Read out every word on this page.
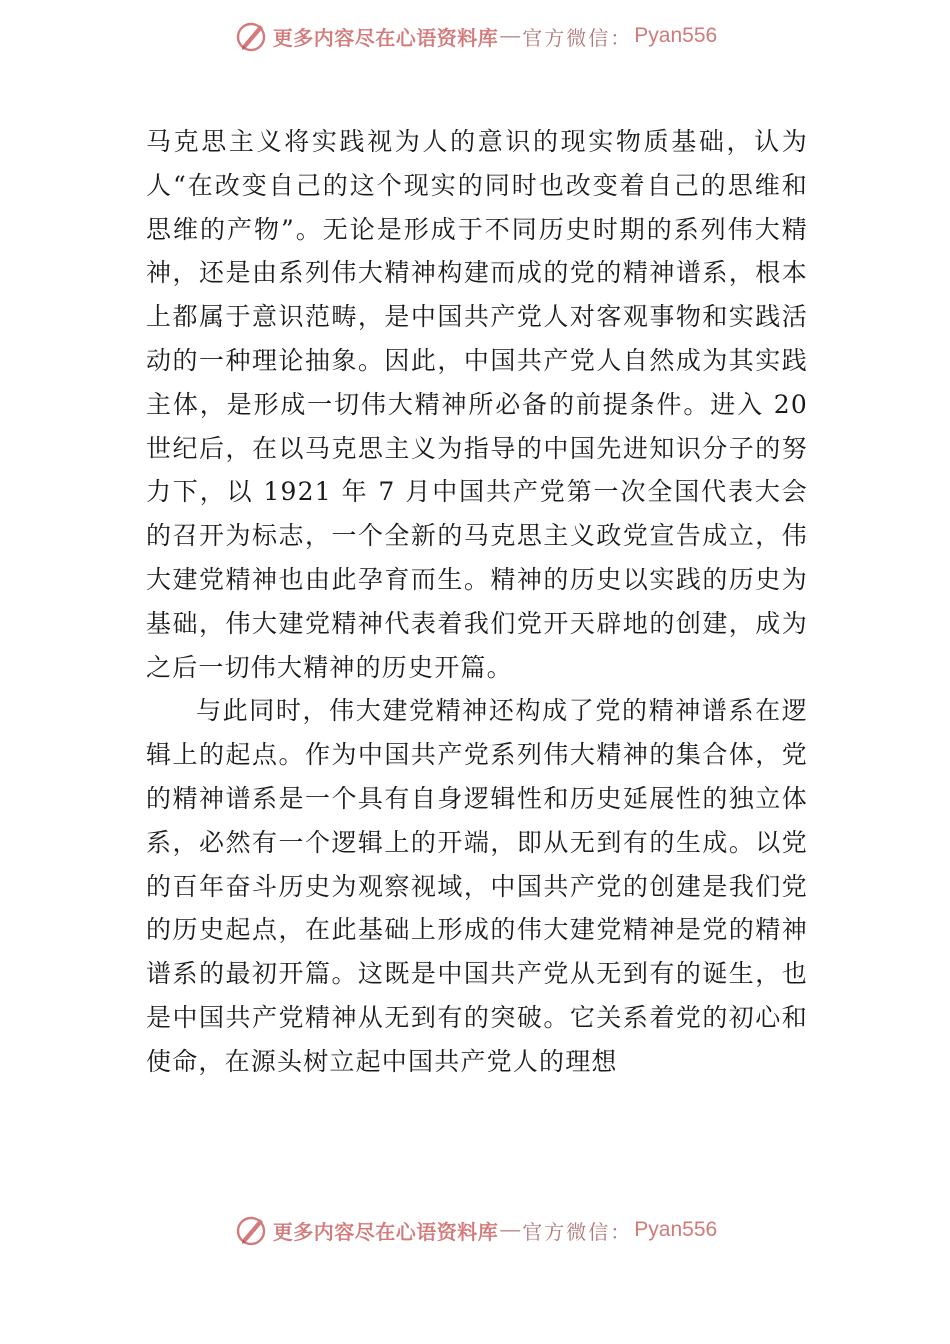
更多内容尽在心语资料库 — 官方微信： Pyan556

马克思主义将实践视为人的意识的现实物质基础，认为人“在改变自己的这个现实的同时也改变着自己的思维和思维的产物”。无论是形成于不同历史时期的系列伟大精神，还是由系列伟大精神构建而成的党的精神谱系，根本上都属于意识范畴，是中国共产党人对客观事物和实践活动的一种理论抽象。因此，中国共产党人自然成为其实践主体，是形成一切伟大精神所必备的前提条件。进入 20 世纪后，在以马克思主义为指导的中国先进知识分子的努力下，以 1921 年 7 月中国共产党第一次全国代表大会的召开为标志，一个全新的马克思主义政党宣告成立，伟大建党精神也由此孕育而生。精神的历史以实践的历史为基础，伟大建党精神代表着我们党开天辟地的创建，成为之后一切伟大精神的历史开篇。

与此同时，伟大建党精神还构成了党的精神谱系在逻辑上的起点。作为中国共产党系列伟大精神的集合体，党的精神谱系是一个具有自身逻辑性和历史延展性的独立体系，必然有一个逻辑上的开端，即从无到有的生成。以党的百年奋斗历史为观察视域，中国共产党的创建是我们党的历史起点，在此基础上形成的伟大建党精神是党的精神谱系的最初开篇。这既是中国共产党从无到有的诞生，也是中国共产党精神从无到有的突破。它关系着党的初心和使命，在源头树立起中国共产党人的理想

更多内容尽在心语资料库 — 官方微信： Pyan556
